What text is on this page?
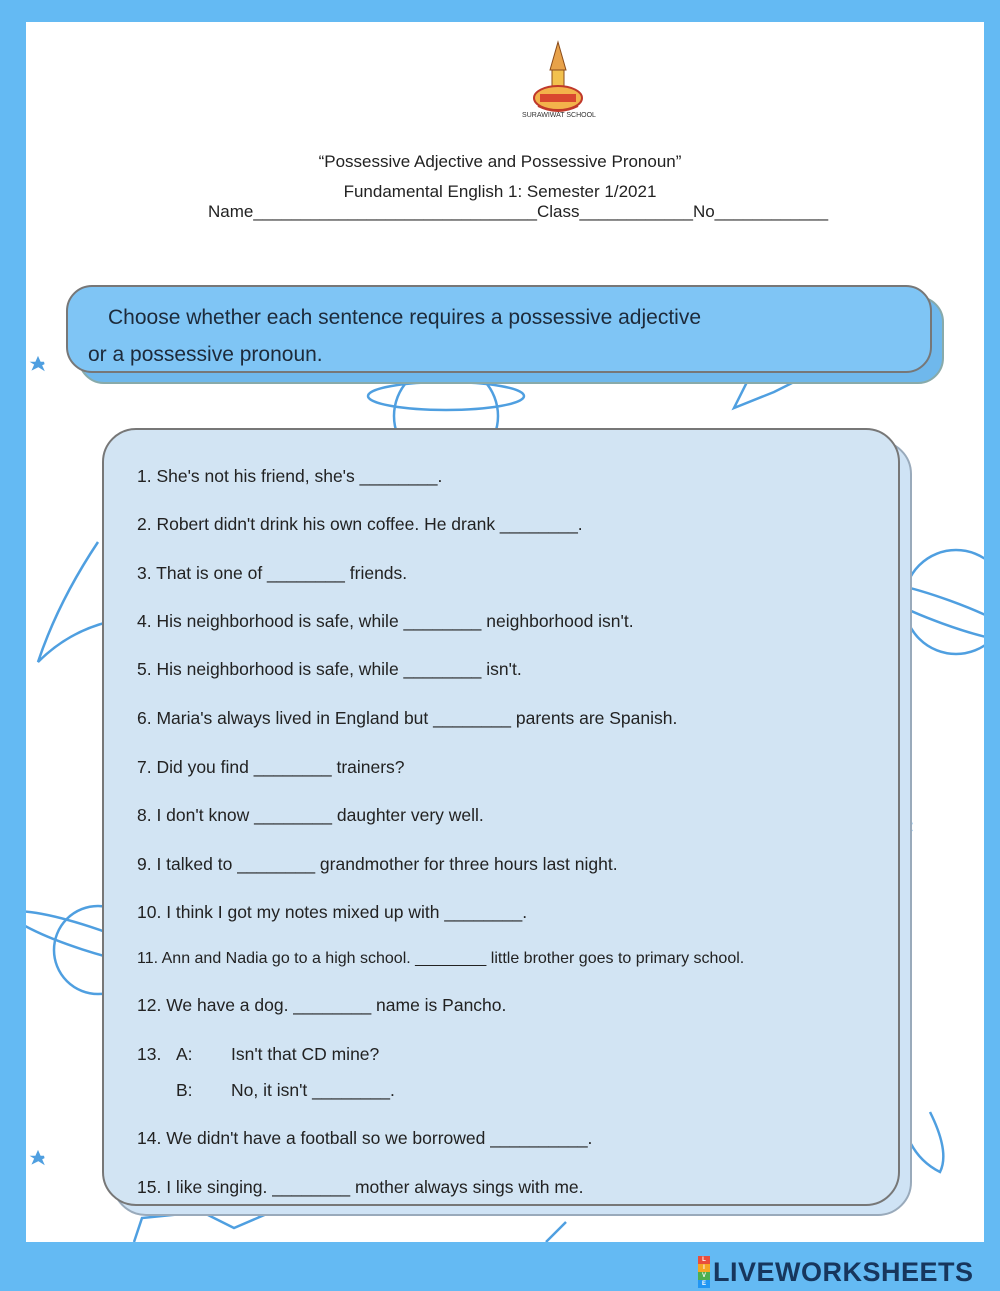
SURAWIWAT SCHOOL
“Possessive Adjective and Possessive Pronoun”
Fundamental English 1: Semester 1/2021
Name______________________________Class____________No____________
Choose whether each sentence requires a possessive adjective
or a possessive pronoun.
1. She's not his friend, she's ________.
2. Robert didn't drink his own coffee. He drank ________.
3. That is one of ________ friends.
4. His neighborhood is safe, while ________ neighborhood isn't.
5. His neighborhood is safe, while ________ isn't.
6. Maria's always lived in England but ________ parents are Spanish.
7. Did you find ________ trainers?
8. I don't know ________ daughter very well.
9. I talked to ________ grandmother for three hours last night.
10. I think I got my notes mixed up with ________.
11. Ann and Nadia go to a high school. ________ little brother goes to primary school.
12. We have a dog. ________ name is Pancho.
13. A: Isn't that CD mine?
B: No, it isn't ________.
14. We didn't have a football so we borrowed __________.
15. I like singing. ________ mother always sings with me.
L
I
V
E LIVEWORKSHEETS
